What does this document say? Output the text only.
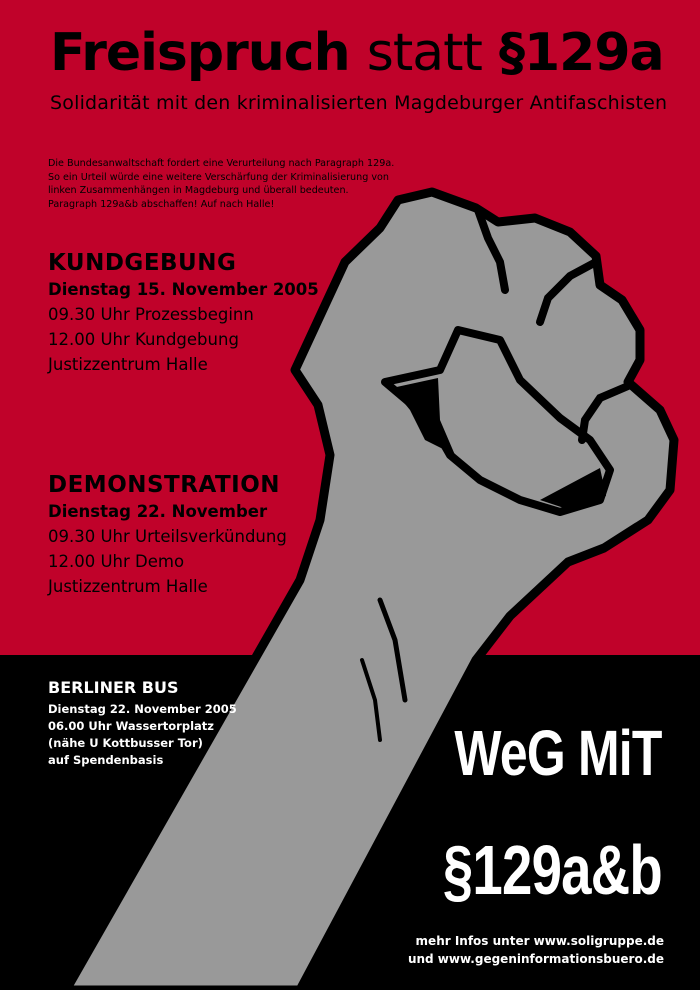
Freispruch statt §129a
Solidarität mit den kriminalisierten Magdeburger Antifaschisten
Die Bundesanwaltschaft fordert eine Verurteilung nach Paragraph 129a.
So ein Urteil würde eine weitere Verschärfung der Kriminalisierung von
linken Zusammenhängen in Magdeburg und überall bedeuten.
Paragraph 129a&b abschaffen! Auf nach Halle!
KUNDGEBUNG
Dienstag 15. November 2005
09.30 Uhr Prozessbeginn
12.00 Uhr Kundgebung
Justizzentrum Halle
DEMONSTRATION
Dienstag 22. November
09.30 Uhr Urteilsverkündung
12.00 Uhr Demo
Justizzentrum Halle
BERLINER BUS
Dienstag 22. November 2005
06.00 Uhr Wassertorplatz
(nähe U Kottbusser Tor)
auf Spendenbasis	WeG MiT
§129a&b
mehr Infos unter www.soligruppe.de
und www.gegeninformationsbuero.de
